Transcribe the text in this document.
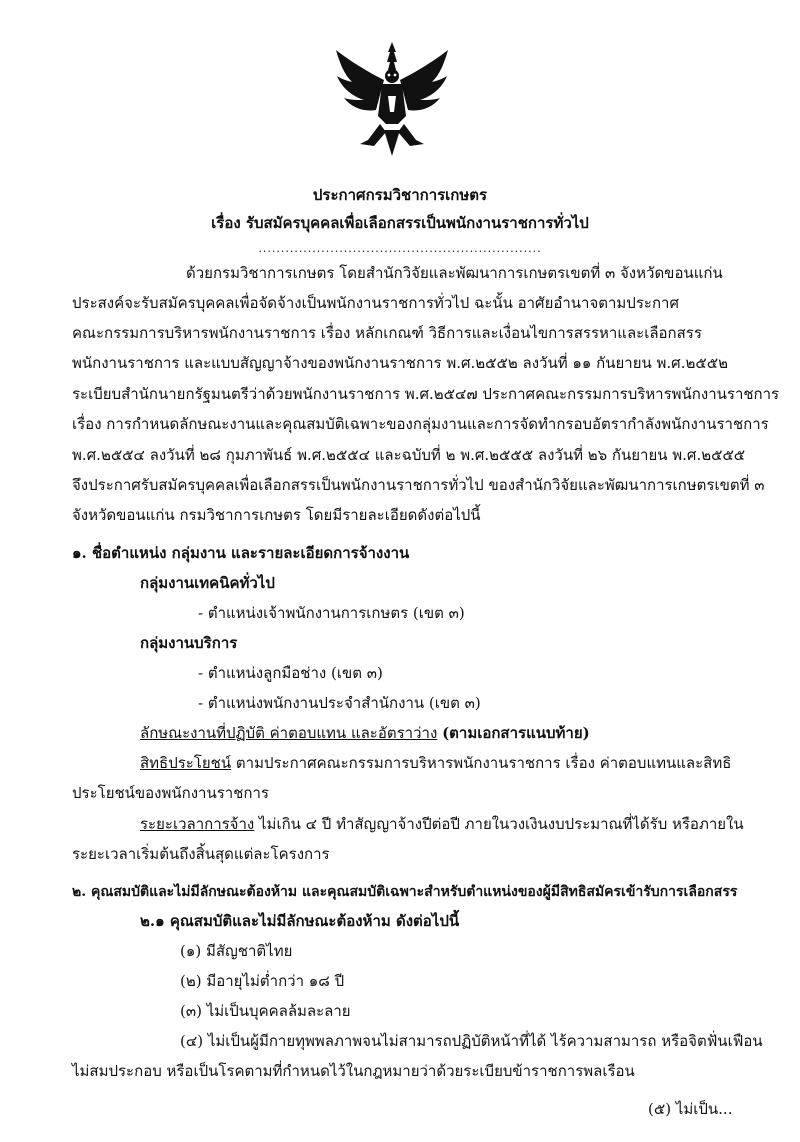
ประกาศกรมวิชาการเกษตร
เรื่อง รับสมัครบุคคลเพื่อเลือกสรรเป็นพนักงานราชการทั่วไป
...............................................................
ด้วยกรมวิชาการเกษตร โดยสำนักวิจัยและพัฒนาการเกษตรเขตที่ ๓ จังหวัดขอนแก่น
ประสงค์จะรับสมัครบุคคลเพื่อจัดจ้างเป็นพนักงานราชการทั่วไป ฉะนั้น อาศัยอำนาจตามประกาศ
คณะกรรมการบริหารพนักงานราชการ เรื่อง หลักเกณฑ์ วิธีการและเงื่อนไขการสรรหาและเลือกสรร
พนักงานราชการ และแบบสัญญาจ้างของพนักงานราชการ พ.ศ.๒๕๕๒ ลงวันที่ ๑๑ กันยายน พ.ศ.๒๕๕๒
ระเบียบสำนักนายกรัฐมนตรีว่าด้วยพนักงานราชการ พ.ศ.๒๕๔๗ ประกาศคณะกรรมการบริหารพนักงานราชการ
เรื่อง การกำหนดลักษณะงานและคุณสมบัติเฉพาะของกลุ่มงานและการจัดทำกรอบอัตรากำลังพนักงานราชการ
พ.ศ.๒๕๕๔ ลงวันที่ ๒๘ กุมภาพันธ์ พ.ศ.๒๕๕๔ และฉบับที่ ๒ พ.ศ.๒๕๕๕ ลงวันที่ ๒๖ กันยายน พ.ศ.๒๕๕๕
จึงประกาศรับสมัครบุคคลเพื่อเลือกสรรเป็นพนักงานราชการทั่วไป ของสำนักวิจัยและพัฒนาการเกษตรเขตที่ ๓
จังหวัดขอนแก่น กรมวิชาการเกษตร โดยมีรายละเอียดดังต่อไปนี้
๑. ชื่อตำแหน่ง กลุ่มงาน และรายละเอียดการจ้างงาน
กลุ่มงานเทคนิคทั่วไป
- ตำแหน่งเจ้าพนักงานการเกษตร (เขต ๓)
กลุ่มงานบริการ
- ตำแหน่งลูกมือช่าง (เขต ๓)
- ตำแหน่งพนักงานประจำสำนักงาน (เขต ๓)
ลักษณะงานที่ปฏิบัติ ค่าตอบแทน และอัตราว่าง (ตามเอกสารแนบท้าย)
สิทธิประโยชน์ ตามประกาศคณะกรรมการบริหารพนักงานราชการ เรื่อง ค่าตอบแทนและสิทธิ
ประโยชน์ของพนักงานราชการ
ระยะเวลาการจ้าง ไม่เกิน ๔ ปี ทำสัญญาจ้างปีต่อปี ภายในวงเงินงบประมาณที่ได้รับ หรือภายใน
ระยะเวลาเริ่มต้นถึงสิ้นสุดแต่ละโครงการ
๒. คุณสมบัติและไม่มีลักษณะต้องห้าม และคุณสมบัติเฉพาะสำหรับตำแหน่งของผู้มีสิทธิสมัครเข้ารับการเลือกสรร
๒.๑ คุณสมบัติและไม่มีลักษณะต้องห้าม ดังต่อไปนี้
(๑) มีสัญชาติไทย
(๒) มีอายุไม่ต่ำกว่า ๑๘ ปี
(๓) ไม่เป็นบุคคลล้มละลาย
(๔) ไม่เป็นผู้มีกายทุพพลภาพจนไม่สามารถปฏิบัติหน้าที่ได้ ไร้ความสามารถ หรือจิตฟั่นเฟือน
ไม่สมประกอบ หรือเป็นโรคตามที่กำหนดไว้ในกฎหมายว่าด้วยระเบียบข้าราชการพลเรือน
(๕) ไม่เป็น...
